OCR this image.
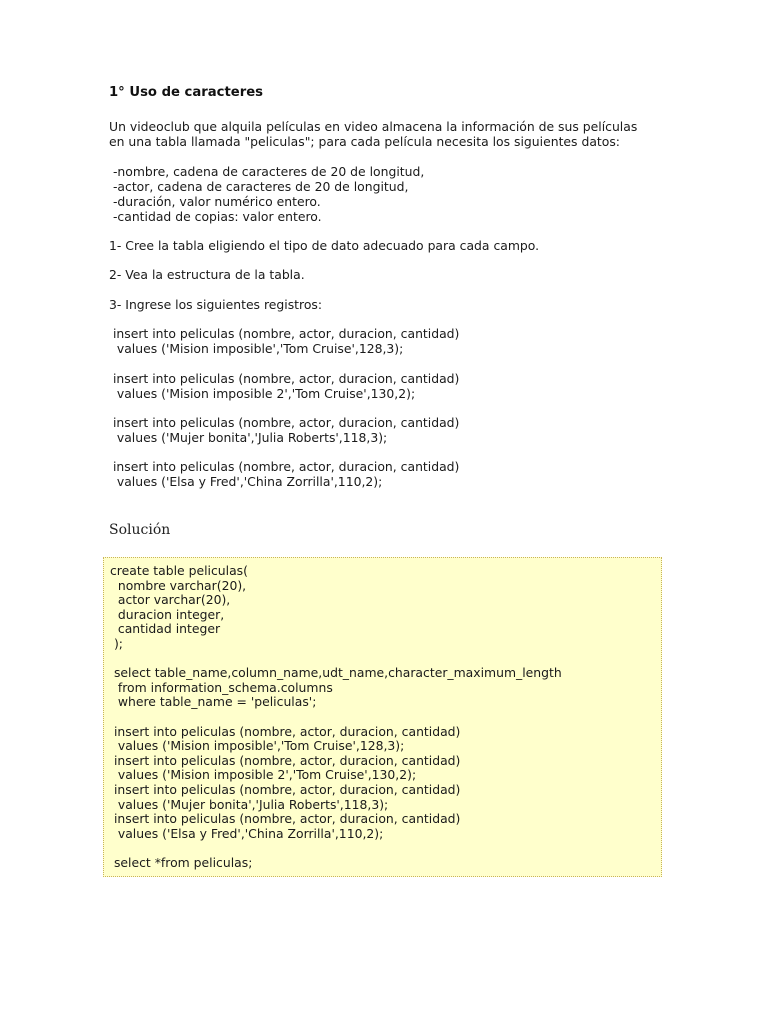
1° Uso de caracteres
Un videoclub que alquila películas en video almacena la información de sus películas
en una tabla llamada "peliculas"; para cada película necesita los siguientes datos:
-nombre, cadena de caracteres de 20 de longitud,
-actor, cadena de caracteres de 20 de longitud,
-duración, valor numérico entero.
-cantidad de copias: valor entero.
1- Cree la tabla eligiendo el tipo de dato adecuado para cada campo.
2- Vea la estructura de la tabla.
3- Ingrese los siguientes registros:
insert into peliculas (nombre, actor, duracion, cantidad)
values ('Mision imposible','Tom Cruise',128,3);
insert into peliculas (nombre, actor, duracion, cantidad)
values ('Mision imposible 2','Tom Cruise',130,2);
insert into peliculas (nombre, actor, duracion, cantidad)
values ('Mujer bonita','Julia Roberts',118,3);
insert into peliculas (nombre, actor, duracion, cantidad)
values ('Elsa y Fred','China Zorrilla',110,2);
Solución
create table peliculas(
nombre varchar(20),
actor varchar(20),
duracion integer,
cantidad integer
);
select table_name,column_name,udt_name,character_maximum_length
from information_schema.columns
where table_name = 'peliculas';
insert into peliculas (nombre, actor, duracion, cantidad)
values ('Mision imposible','Tom Cruise',128,3);
insert into peliculas (nombre, actor, duracion, cantidad)
values ('Mision imposible 2','Tom Cruise',130,2);
insert into peliculas (nombre, actor, duracion, cantidad)
values ('Mujer bonita','Julia Roberts',118,3);
insert into peliculas (nombre, actor, duracion, cantidad)
values ('Elsa y Fred','China Zorrilla',110,2);
select *from peliculas;
